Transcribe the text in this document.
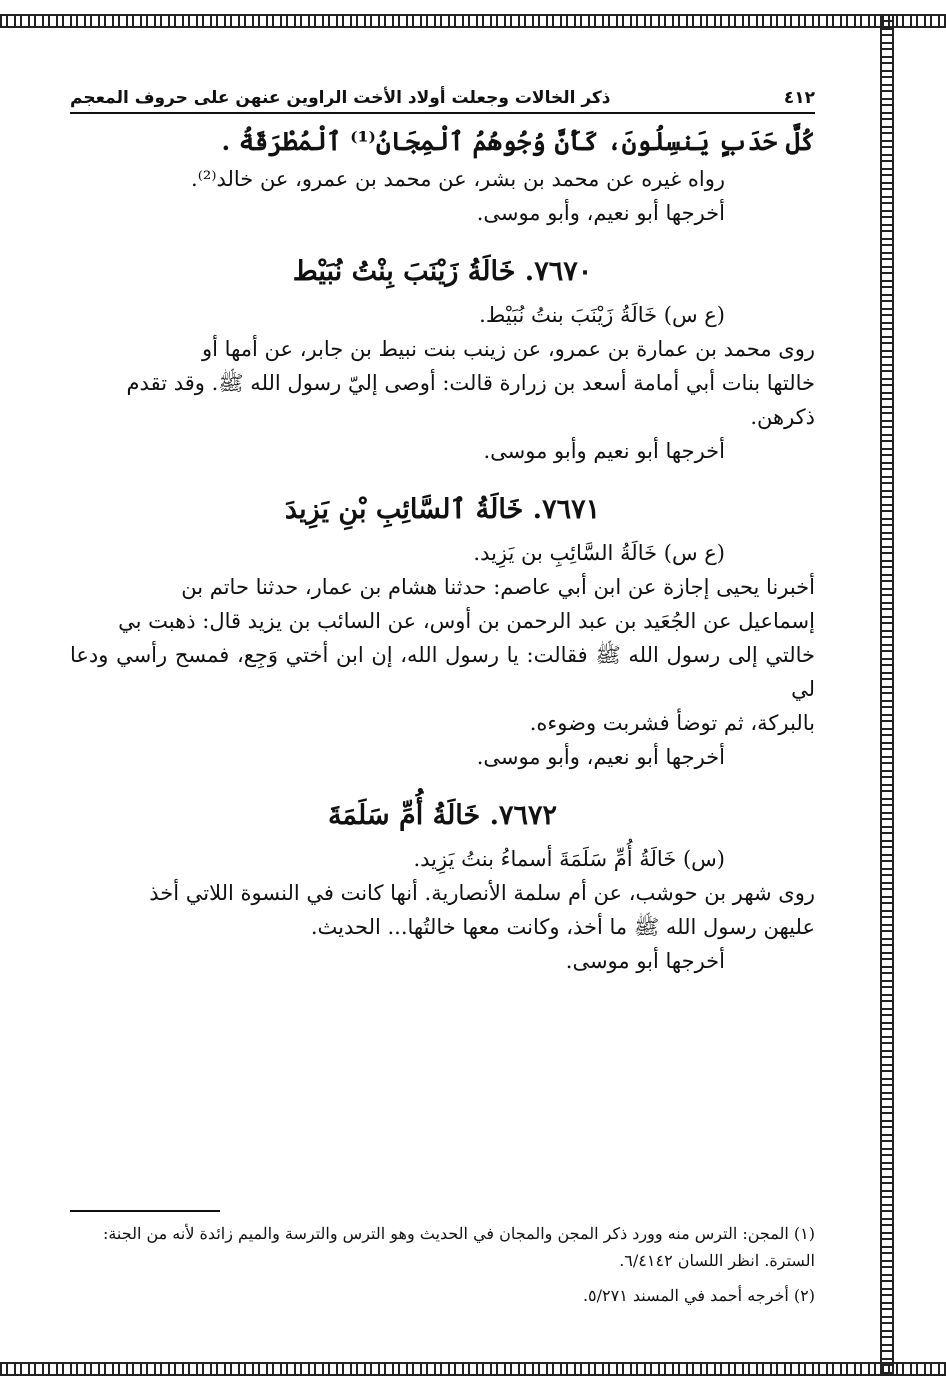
٤١٢
ذكر الخالات وجعلت أولاد الأخت الراوين عنهن على حروف المعجم

كُلَّ حَدَبٍ يَنسِلُونَ، كَأَنَّ وُجُوهُمُ ٱلْمِجَانُ⁽¹⁾ ٱلْمُطْرَقَةُ .

رواه غيره عن محمد بن بشر، عن محمد بن عمرو، عن خالد⁽²⁾.

أخرجها أبو نعيم، وأبو موسى.

٧٦٧٠. خَالَةُ زَيْنَبَ بِنْتُ نُبَيْط

(ع س) خَالَةُ زَيْنَبَ بنتُ نُبَيْط.

روى محمد بن عمارة بن عمرو، عن زينب بنت نبيط بن جابر، عن أمها أو

خالتها بنات أبي أمامة أسعد بن زرارة قالت: أوصى إليّ رسول الله ﷺ. وقد تقدم

ذكرهن.

أخرجها أبو نعيم وأبو موسى.

٧٦٧١. خَالَةُ ٱلسَّائِبِ بْنِ يَزِيدَ

(ع س) خَالَةُ السَّائِبِ بن يَزِيد.

أخبرنا يحيى إجازة عن ابن أبي عاصم: حدثنا هشام بن عمار، حدثنا حاتم بن

إسماعيل عن الجُعَيد بن عبد الرحمن بن أوس، عن السائب بن يزيد قال: ذهبت بي

خالتي إلى رسول الله ﷺ فقالت: يا رسول الله، إن ابن أختي وَجِع، فمسح رأسي ودعا لي

بالبركة، ثم توضأ فشربت وضوءه.

أخرجها أبو نعيم، وأبو موسى.

٧٦٧٢. خَالَةُ أُمِّ سَلَمَةَ

(س) خَالَةُ أُمِّ سَلَمَةَ أسماءُ بنتُ يَزِيد.

روى شهر بن حوشب، عن أم سلمة الأنصارية. أنها كانت في النسوة اللاتي أخذ

عليهن رسول الله ﷺ ما أخذ، وكانت معها خالتُها... الحديث.

أخرجها أبو موسى.

(١) المجن: الترس منه وورد ذكر المجن والمجان في الحديث وهو الترس والترسة والميم زائدة لأنه من الجنة: السترة. انظر اللسان ٦/٤١٤٢.

(٢) أخرجه أحمد في المسند ٥/٢٧١.
